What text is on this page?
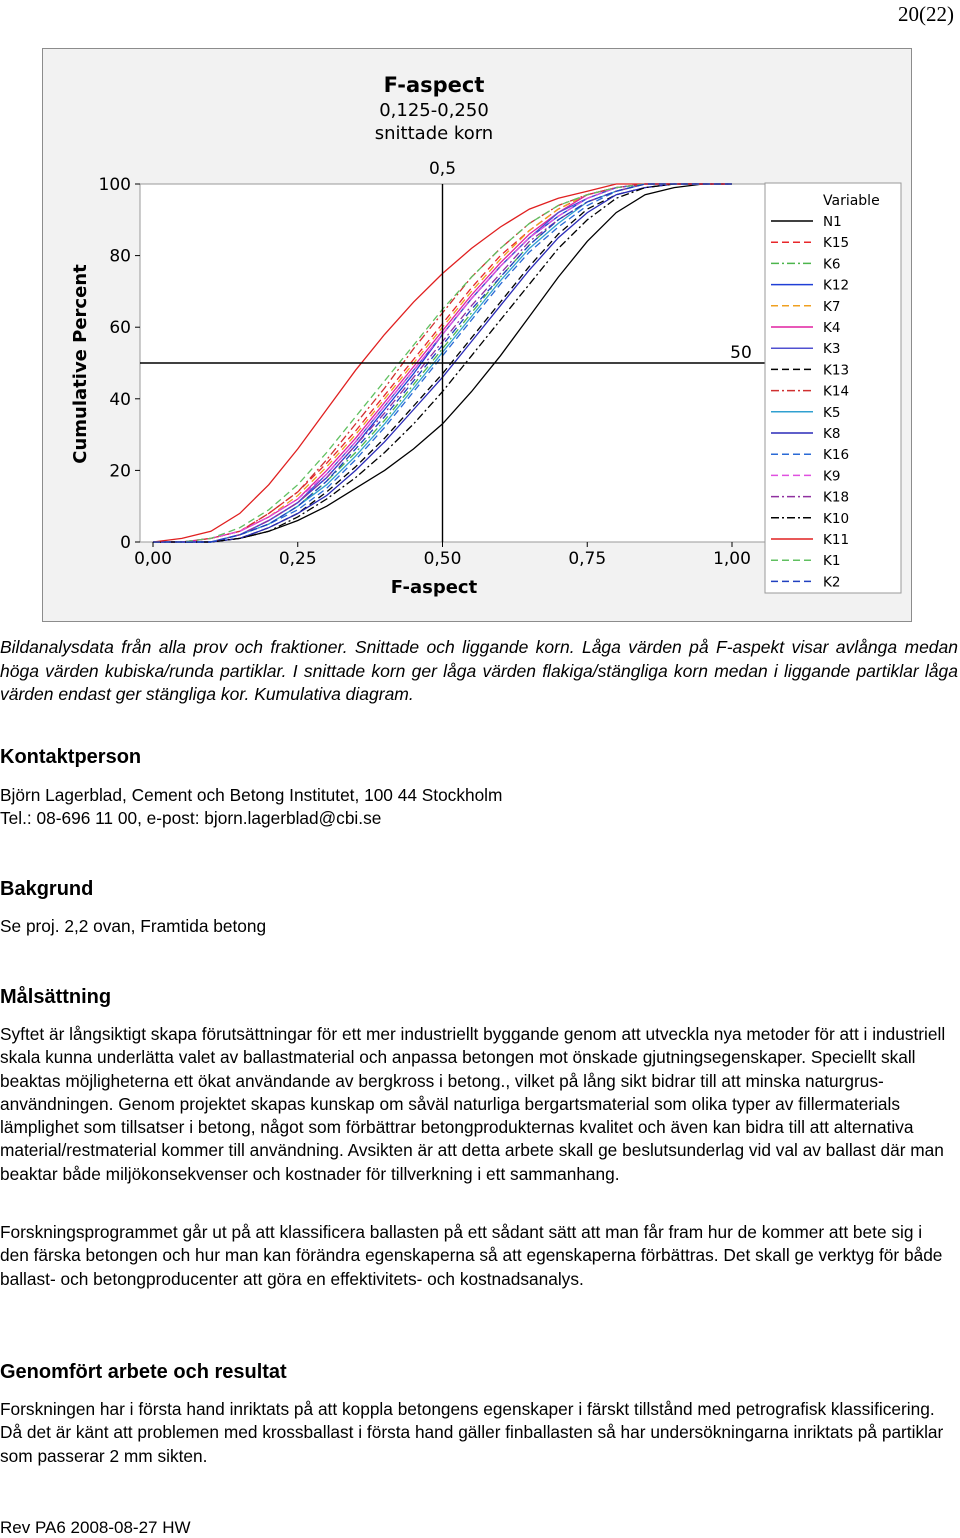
20(22)
0,5
50
0,00	0,25	0,50	0,75	1,00
0
20
40
60
80
100
F-aspect
0,125-0,250
snittade korn
F-aspect
Cumulative Percent
Variable
N1
K15
K6
K12
K7
K4
K3
K13
K14
K5
K8
K16
K9
K18
K10
K11
K1
K2

Bildanalysdata från alla prov och fraktioner. Snittade och liggande korn. Låga värden på F-aspekt visar avlånga medan höga värden kubiska/runda partiklar. I snittade korn ger låga värden flakiga/stängliga korn medan i liggande partiklar låga värden endast ger stängliga kor. Kumulativa diagram.

Kontaktperson

Björn Lagerblad, Cement och Betong Institutet, 100 44 Stockholm

Tel.: 08-696 11 00, e-post: bjorn.lagerblad@cbi.se

Bakgrund

Se proj. 2,2 ovan, Framtida betong

Målsättning

Syftet är långsiktigt skapa förutsättningar för ett mer industriellt byggande genom att utveckla nya metoder för att i industriell skala kunna underlätta valet av ballastmaterial och anpassa betongen mot önskade gjutningsegenskaper. Speciellt skall beaktas möjligheterna ett ökat användande av bergkross i betong., vilket på lång sikt bidrar till att minska naturgrus-användningen. Genom projektet skapas kunskap om såväl naturliga bergartsmaterial som olika typer av fillermaterials lämplighet som tillsatser i betong, något som förbättrar betongprodukternas kvalitet och även kan bidra till att alternativa material/restmaterial kommer till användning. Avsikten är att detta arbete skall ge beslutsunderlag vid val av ballast där man beaktar både miljökonsekvenser och kostnader för tillverkning i ett sammanhang.

Forskningsprogrammet går ut på att klassificera ballasten på ett sådant sätt att man får fram hur de kommer att bete sig i den färska betongen och hur man kan förändra egenskaperna så att egenskaperna förbättras. Det skall ge verktyg för både ballast- och betongproducenter att göra en effektivitets- och kostnadsanalys.

Genomfört arbete och resultat

Forskningen har i första hand inriktats på att koppla betongens egenskaper i färskt tillstånd med petrografisk klassificering. Då det är känt att problemen med krossballast i första hand gäller finballasten så har undersökningarna inriktats på partiklar som passerar 2 mm sikten.

Rev PA6 2008-08-27 HW
